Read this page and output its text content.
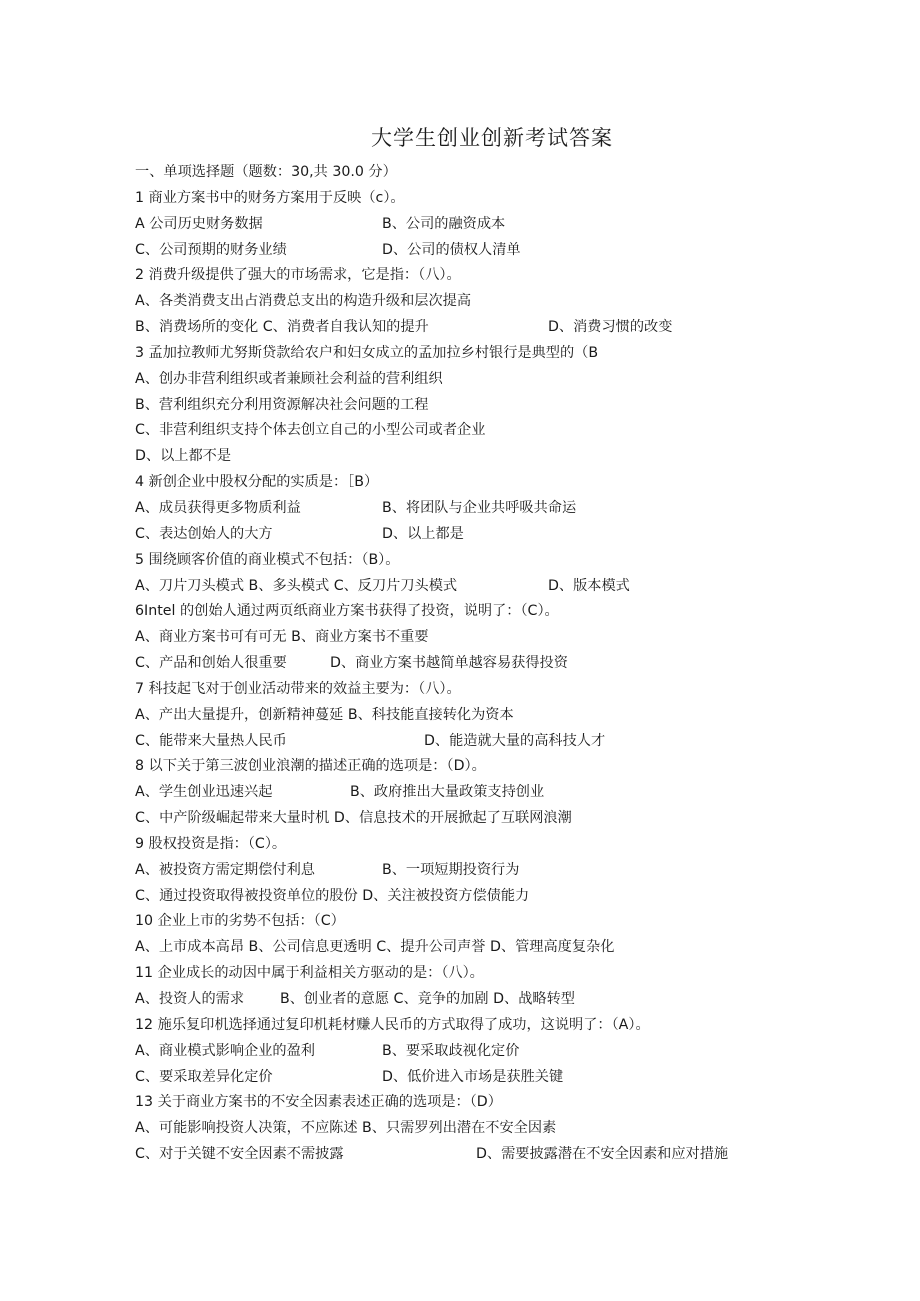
大学生创业创新考试答案
一、单项选择题（题数：30,共 30.0 分）
1 商业方案书中的财务方案用于反映（c）。
A 公司历史财务数据	B、公司的融资成本
C、公司预期的财务业绩	D、公司的债权人清单
2 消费升级提供了强大的市场需求，它是指：（八）。
A、各类消费支出占消费总支出的构造升级和层次提高
B、消费场所的变化 C、消费者自我认知的提升	D、消费习惯的改变
3 孟加拉教师尤努斯贷款给农户和妇女成立的孟加拉乡村银行是典型的（B
A、创办非营利组织或者兼顾社会利益的营利组织
B、营利组织充分利用资源解决社会问题的工程
C、非营利组织支持个体去创立自己的小型公司或者企业
D、以上都不是
4 新创企业中股权分配的实质是：［B）
A、成员获得更多物质利益	B、将团队与企业共呼吸共命运
C、表达创始人的大方	D、以上都是
5 围绕顾客价值的商业模式不包括：（B）。
A、刀片刀头模式 B、多头模式 C、反刀片刀头模式	D、版本模式
6Intel 的创始人通过两页纸商业方案书获得了投资，说明了：（C）。
A、商业方案书可有可无 B、商业方案书不重要
C、产品和创始人很重要	D、商业方案书越简单越容易获得投资
7 科技起飞对于创业活动带来的效益主要为：（八）。
A、产出大量提升，创新精神蔓延 B、科技能直接转化为资本
C、能带来大量热人民币	D、能造就大量的高科技人才
8 以下关于第三波创业浪潮的描述正确的选项是：（D）。
A、学生创业迅速兴起	B、政府推出大量政策支持创业
C、中产阶级崛起带来大量时机 D、信息技术的开展掀起了互联网浪潮
9 股权投资是指：（C）。
A、被投资方需定期偿付利息	B、一项短期投资行为
C、通过投资取得被投资单位的股份 D、关注被投资方偿债能力
10 企业上市的劣势不包括：（C）
A、上市成本高昂 B、公司信息更透明 C、提升公司声誉 D、管理高度复杂化
11 企业成长的动因中属于利益相关方驱动的是：（八）。
A、投资人的需求	B、创业者的意愿 C、竞争的加剧 D、战略转型
12 施乐复印机选择通过复印机耗材赚人民币的方式取得了成功，这说明了：（A）。
A、商业模式影响企业的盈利	B、要采取歧视化定价
C、要采取差异化定价	D、低价进入市场是获胜关键
13 关于商业方案书的不安全因素表述正确的选项是：（D）
A、可能影响投资人决策，不应陈述 B、只需罗列出潜在不安全因素
C、对于关键不安全因素不需披露	D、需要披露潜在不安全因素和应对措施
